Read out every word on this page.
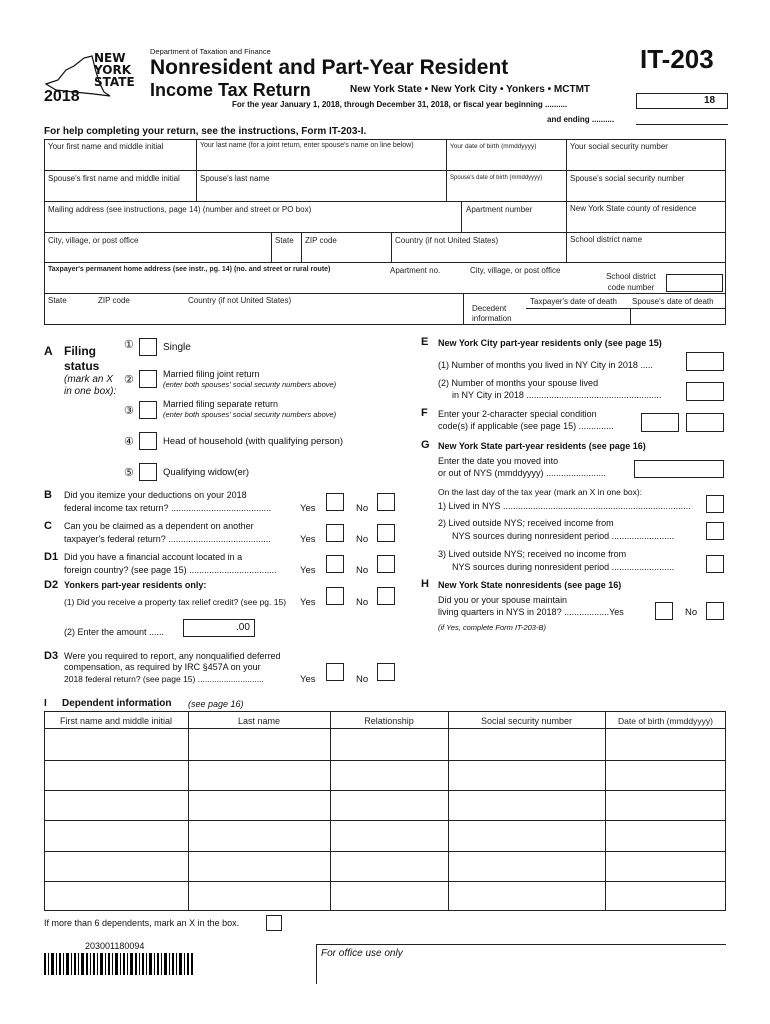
NEW YORK STATE
2018
Department of Taxation and Finance
Nonresident and Part-Year Resident
Income Tax Return	New York State • New York City • Yonkers • MCTMT
IT-203
For the year January 1, 2018, through December 31, 2018, or fiscal year beginning ..........	18
and ending ..........
For help completing your return, see the instructions, Form IT-203-I.
Your first name and middle initial	Your last name (for a joint return, enter spouse's name on line below)	Your date of birth (mmddyyyy)	Your social security number
Spouse's first name and middle initial	Spouse's last name	Spouse's date of birth (mmddyyyy)	Spouse's social security number
Mailing address (see instructions, page 14) (number and street or PO box)	Apartment number	New York State county of residence
City, village, or post office	State ZIP code	Country (if not United States)	School district name
Taxpayer's permanent home address (see instr., pg. 14) (no. and street or rural route)	Apartment no.	City, village, or post office
School district code number
State	ZIP code	Country (if not United States)
Decedent information
Taxpayer's date of death Spouse's date of death
A Filing status
(mark an X in one box):
①	Single
②	Married filing joint return
(enter both spouses' social security numbers above)
③
Married filing separate return
(enter both spouses' social security numbers above)
④	Head of household (with qualifying person)
⑤	Qualifying widow(er)
B Did you itemize your deductions on your 2018
federal income tax return? ........................................	Yes	No
C Can you be claimed as a dependent on another
taxpayer's federal return? .........................................	Yes	No
D1 Did you have a financial account located in a
foreign country? (see page 15) ................................... Yes	No
D2 Yonkers part-year residents only:
(1) Did you receive a property tax relief credit? (see pg. 15) Yes	No
(2) Enter the amount ......	.00
D3 Were you required to report, any nonqualified deferred
compensation, as required by IRC §457A on your
2018 federal return? (see page 15) ............................	Yes	No
E New York City part-year residents only (see page 15)
(1) Number of months you lived in NY City in 2018 .....
(2) Number of months your spouse lived
in NY City in 2018 ......................................................
F Enter your 2-character special condition
code(s) if applicable (see page 15) ..............
G New York State part-year residents (see page 16)
Enter the date you moved into
or out of NYS (mmddyyyy) ........................
On the last day of the tax year (mark an X in one box):
1) Lived in NYS ...........................................................................
2) Lived outside NYS; received income from
NYS sources during nonresident period .........................
3) Lived outside NYS; received no income from
NYS sources during nonresident period .........................
H New York State nonresidents (see page 16)
Did you or your spouse maintain
living quarters in NYS in 2018? ..................Yes	No
(if Yes, complete Form IT-203-B)
I Dependent information (see page 16)
First name and middle initial	Last name	Relationship	Social security number	Date of birth (mmddyyyy)
If more than 6 dependents, mark an X in the box.
203001180094
For office use only
